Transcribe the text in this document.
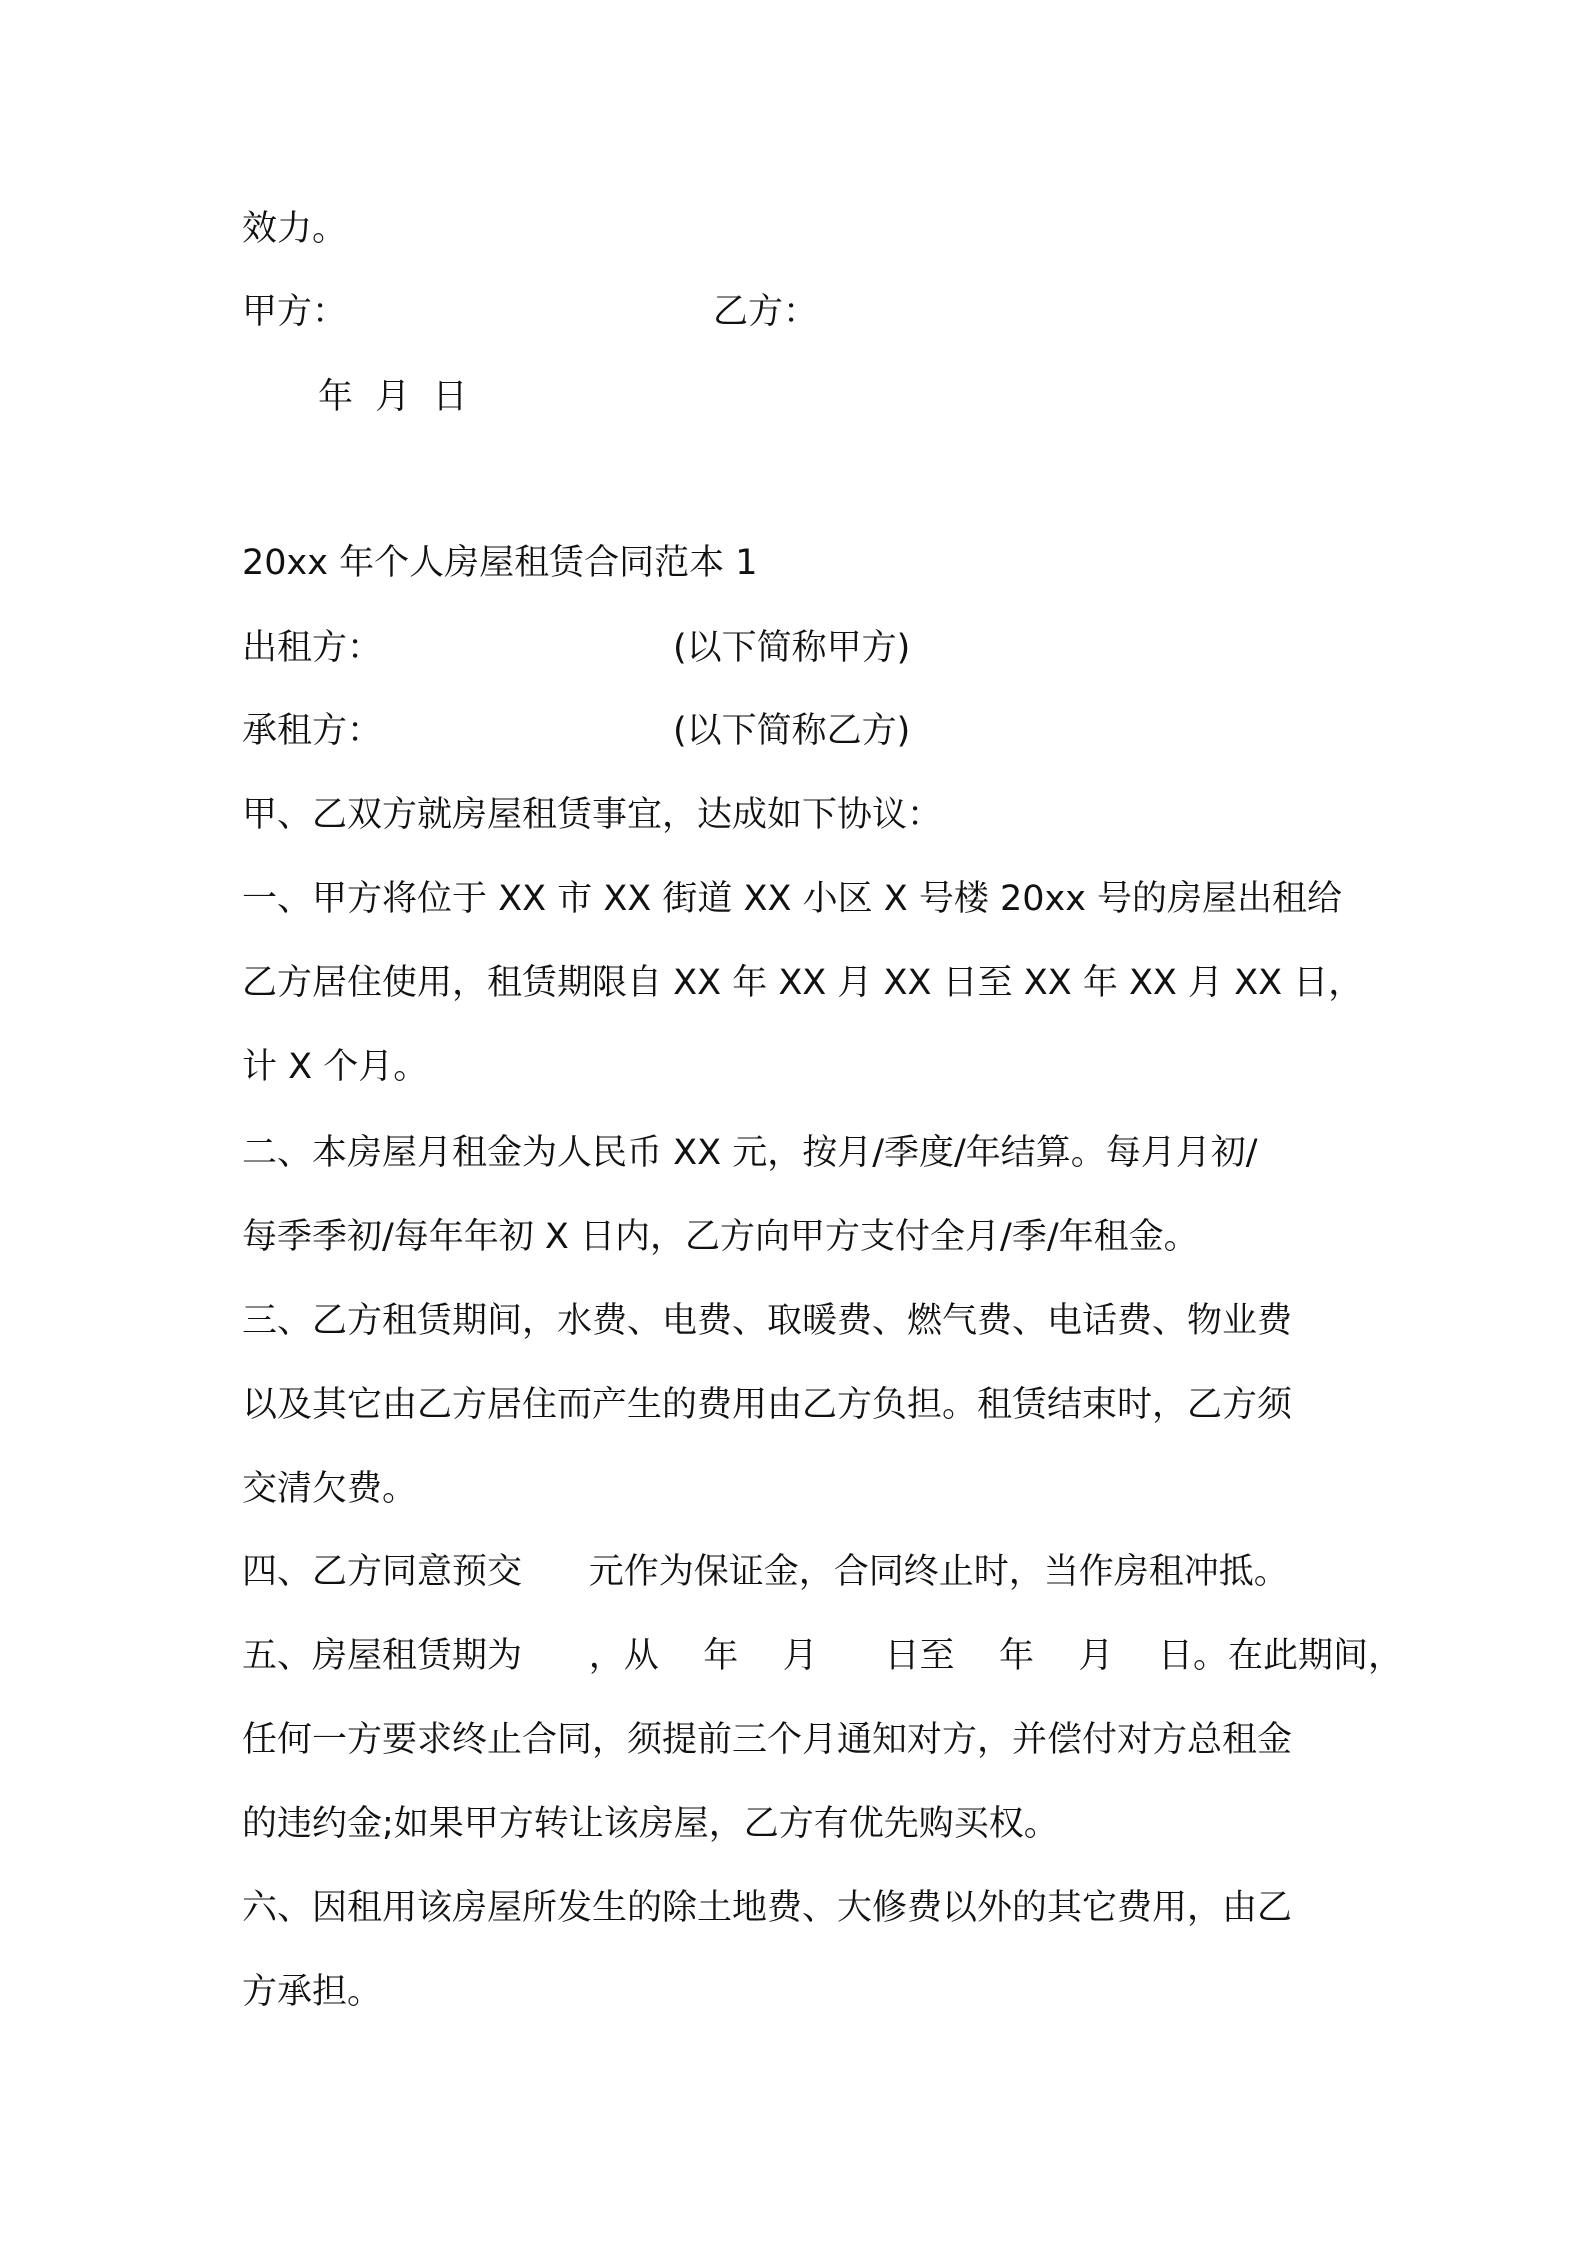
效力。
甲方：	乙方：
年  月  日
20xx 年个人房屋租赁合同范本 1
出租方：	(以下简称甲方)
承租方：	(以下简称乙方)
甲、乙双方就房屋租赁事宜，达成如下协议：
一、甲方将位于 XX 市 XX 街道 XX 小区 X 号楼 20xx 号的房屋出租给
乙方居住使用，租赁期限自 XX 年 XX 月 XX 日至 XX 年 XX 月 XX 日，
计 X 个月。
二、本房屋月租金为人民币 XX 元，按月/季度/年结算。每月月初/
每季季初/每年年初 X 日内，乙方向甲方支付全月/季/年租金。
三、乙方租赁期间，水费、电费、取暖费、燃气费、电话费、物业费
以及其它由乙方居住而产生的费用由乙方负担。租赁结束时，乙方须
交清欠费。
四、乙方同意预交      元作为保证金，合同终止时，当作房租冲抵。
五、房屋租赁期为      ，从    年    月      日至    年    月    日。在此期间，
任何一方要求终止合同，须提前三个月通知对方，并偿付对方总租金
的违约金;如果甲方转让该房屋，乙方有优先购买权。
六、因租用该房屋所发生的除土地费、大修费以外的其它费用，由乙
方承担。
